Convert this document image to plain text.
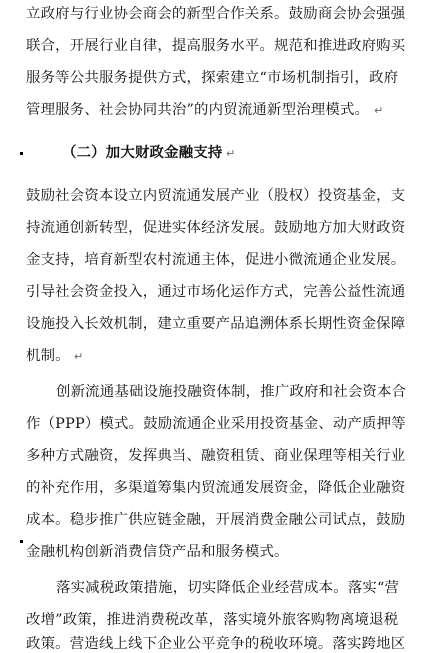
立政府与行业协会商会的新型合作关系。鼓励商会协会强强
联合，开展行业自律，提高服务水平。规范和推进政府购买
服务等公共服务提供方式，探索建立“市场机制指引，政府
管理服务、社会协同共治”的内贸流通新型治理模式。 ↵
（二）加大财政金融支持 ↵
鼓励社会资本设立内贸流通发展产业（股权）投资基金，支
持流通创新转型，促进实体经济发展。鼓励地方加大财政资
金支持，培育新型农村流通主体，促进小微流通企业发展。
引导社会资金投入，通过市场化运作方式，完善公益性流通
设施投入长效机制，建立重要产品追溯体系长期性资金保障
机制。 ↵
创新流通基础设施投融资体制，推广政府和社会资本合
作（PPP）模式。鼓励流通企业采用投资基金、动产质押等
多种方式融资，发挥典当、融资租赁、商业保理等相关行业
的补充作用，多渠道筹集内贸流通发展资金，降低企业融资
成本。稳步推广供应链金融，开展消费金融公司试点，鼓励
金融机构创新消费信贷产品和服务模式。
落实减税政策措施，切实降低企业经营成本。落实“营
改增”政策，推进消费税改革，落实境外旅客购物离境退税
政策。营造线上线下企业公平竞争的税收环境。落实跨地区
